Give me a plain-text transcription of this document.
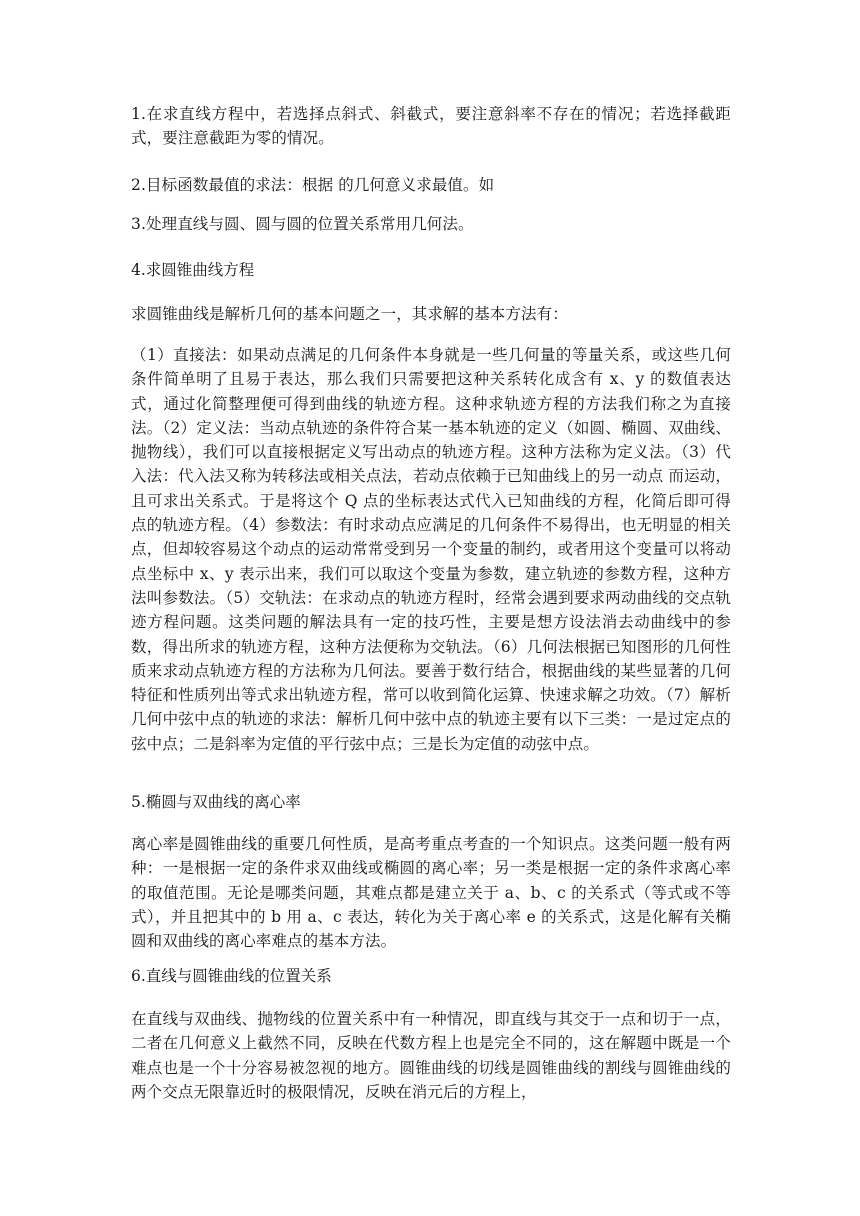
1.在求直线方程中，若选择点斜式、斜截式，要注意斜率不存在的情况；若选择截距式，要注意截距为零的情况。

2.目标函数最值的求法：根据 的几何意义求最值。如

3.处理直线与圆、圆与圆的位置关系常用几何法。

4.求圆锥曲线方程

求圆锥曲线是解析几何的基本问题之一，其求解的基本方法有：

（1）直接法：如果动点满足的几何条件本身就是一些几何量的等量关系，或这些几何条件简单明了且易于表达，那么我们只需要把这种关系转化成含有 x、y 的数值表达式，通过化简整理便可得到曲线的轨迹方程。这种求轨迹方程的方法我们称之为直接法。（2）定义法：当动点轨迹的条件符合某一基本轨迹的定义（如圆、椭圆、双曲线、抛物线），我们可以直接根据定义写出动点的轨迹方程。这种方法称为定义法。（3）代入法：代入法又称为转移法或相关点法，若动点依赖于已知曲线上的另一动点 而运动，且可求出关系式。于是将这个 Q 点的坐标表达式代入已知曲线的方程，化简后即可得点的轨迹方程。（4）参数法：有时求动点应满足的几何条件不易得出，也无明显的相关点，但却较容易这个动点的运动常常受到另一个变量的制约，或者用这个变量可以将动点坐标中 x、y 表示出来，我们可以取这个变量为参数，建立轨迹的参数方程，这种方法叫参数法。（5）交轨法：在求动点的轨迹方程时，经常会遇到要求两动曲线的交点轨迹方程问题。这类问题的解法具有一定的技巧性，主要是想方设法消去动曲线中的参数，得出所求的轨迹方程，这种方法便称为交轨法。（6）几何法根据已知图形的几何性质来求动点轨迹方程的方法称为几何法。要善于数行结合，根据曲线的某些显著的几何特征和性质列出等式求出轨迹方程，常可以收到简化运算、快速求解之功效。（7）解析几何中弦中点的轨迹的求法：解析几何中弦中点的轨迹主要有以下三类：一是过定点的弦中点；二是斜率为定值的平行弦中点；三是长为定值的动弦中点。

5.椭圆与双曲线的离心率

离心率是圆锥曲线的重要几何性质，是高考重点考查的一个知识点。这类问题一般有两种：一是根据一定的条件求双曲线或椭圆的离心率；另一类是根据一定的条件求离心率的取值范围。无论是哪类问题，其难点都是建立关于 a、b、c 的关系式（等式或不等式），并且把其中的 b 用 a、c 表达，转化为关于离心率 e 的关系式，这是化解有关椭圆和双曲线的离心率难点的基本方法。

6.直线与圆锥曲线的位置关系

在直线与双曲线、抛物线的位置关系中有一种情况，即直线与其交于一点和切于一点，二者在几何意义上截然不同，反映在代数方程上也是完全不同的，这在解题中既是一个难点也是一个十分容易被忽视的地方。圆锥曲线的切线是圆锥曲线的割线与圆锥曲线的两个交点无限靠近时的极限情况，反映在消元后的方程上，
